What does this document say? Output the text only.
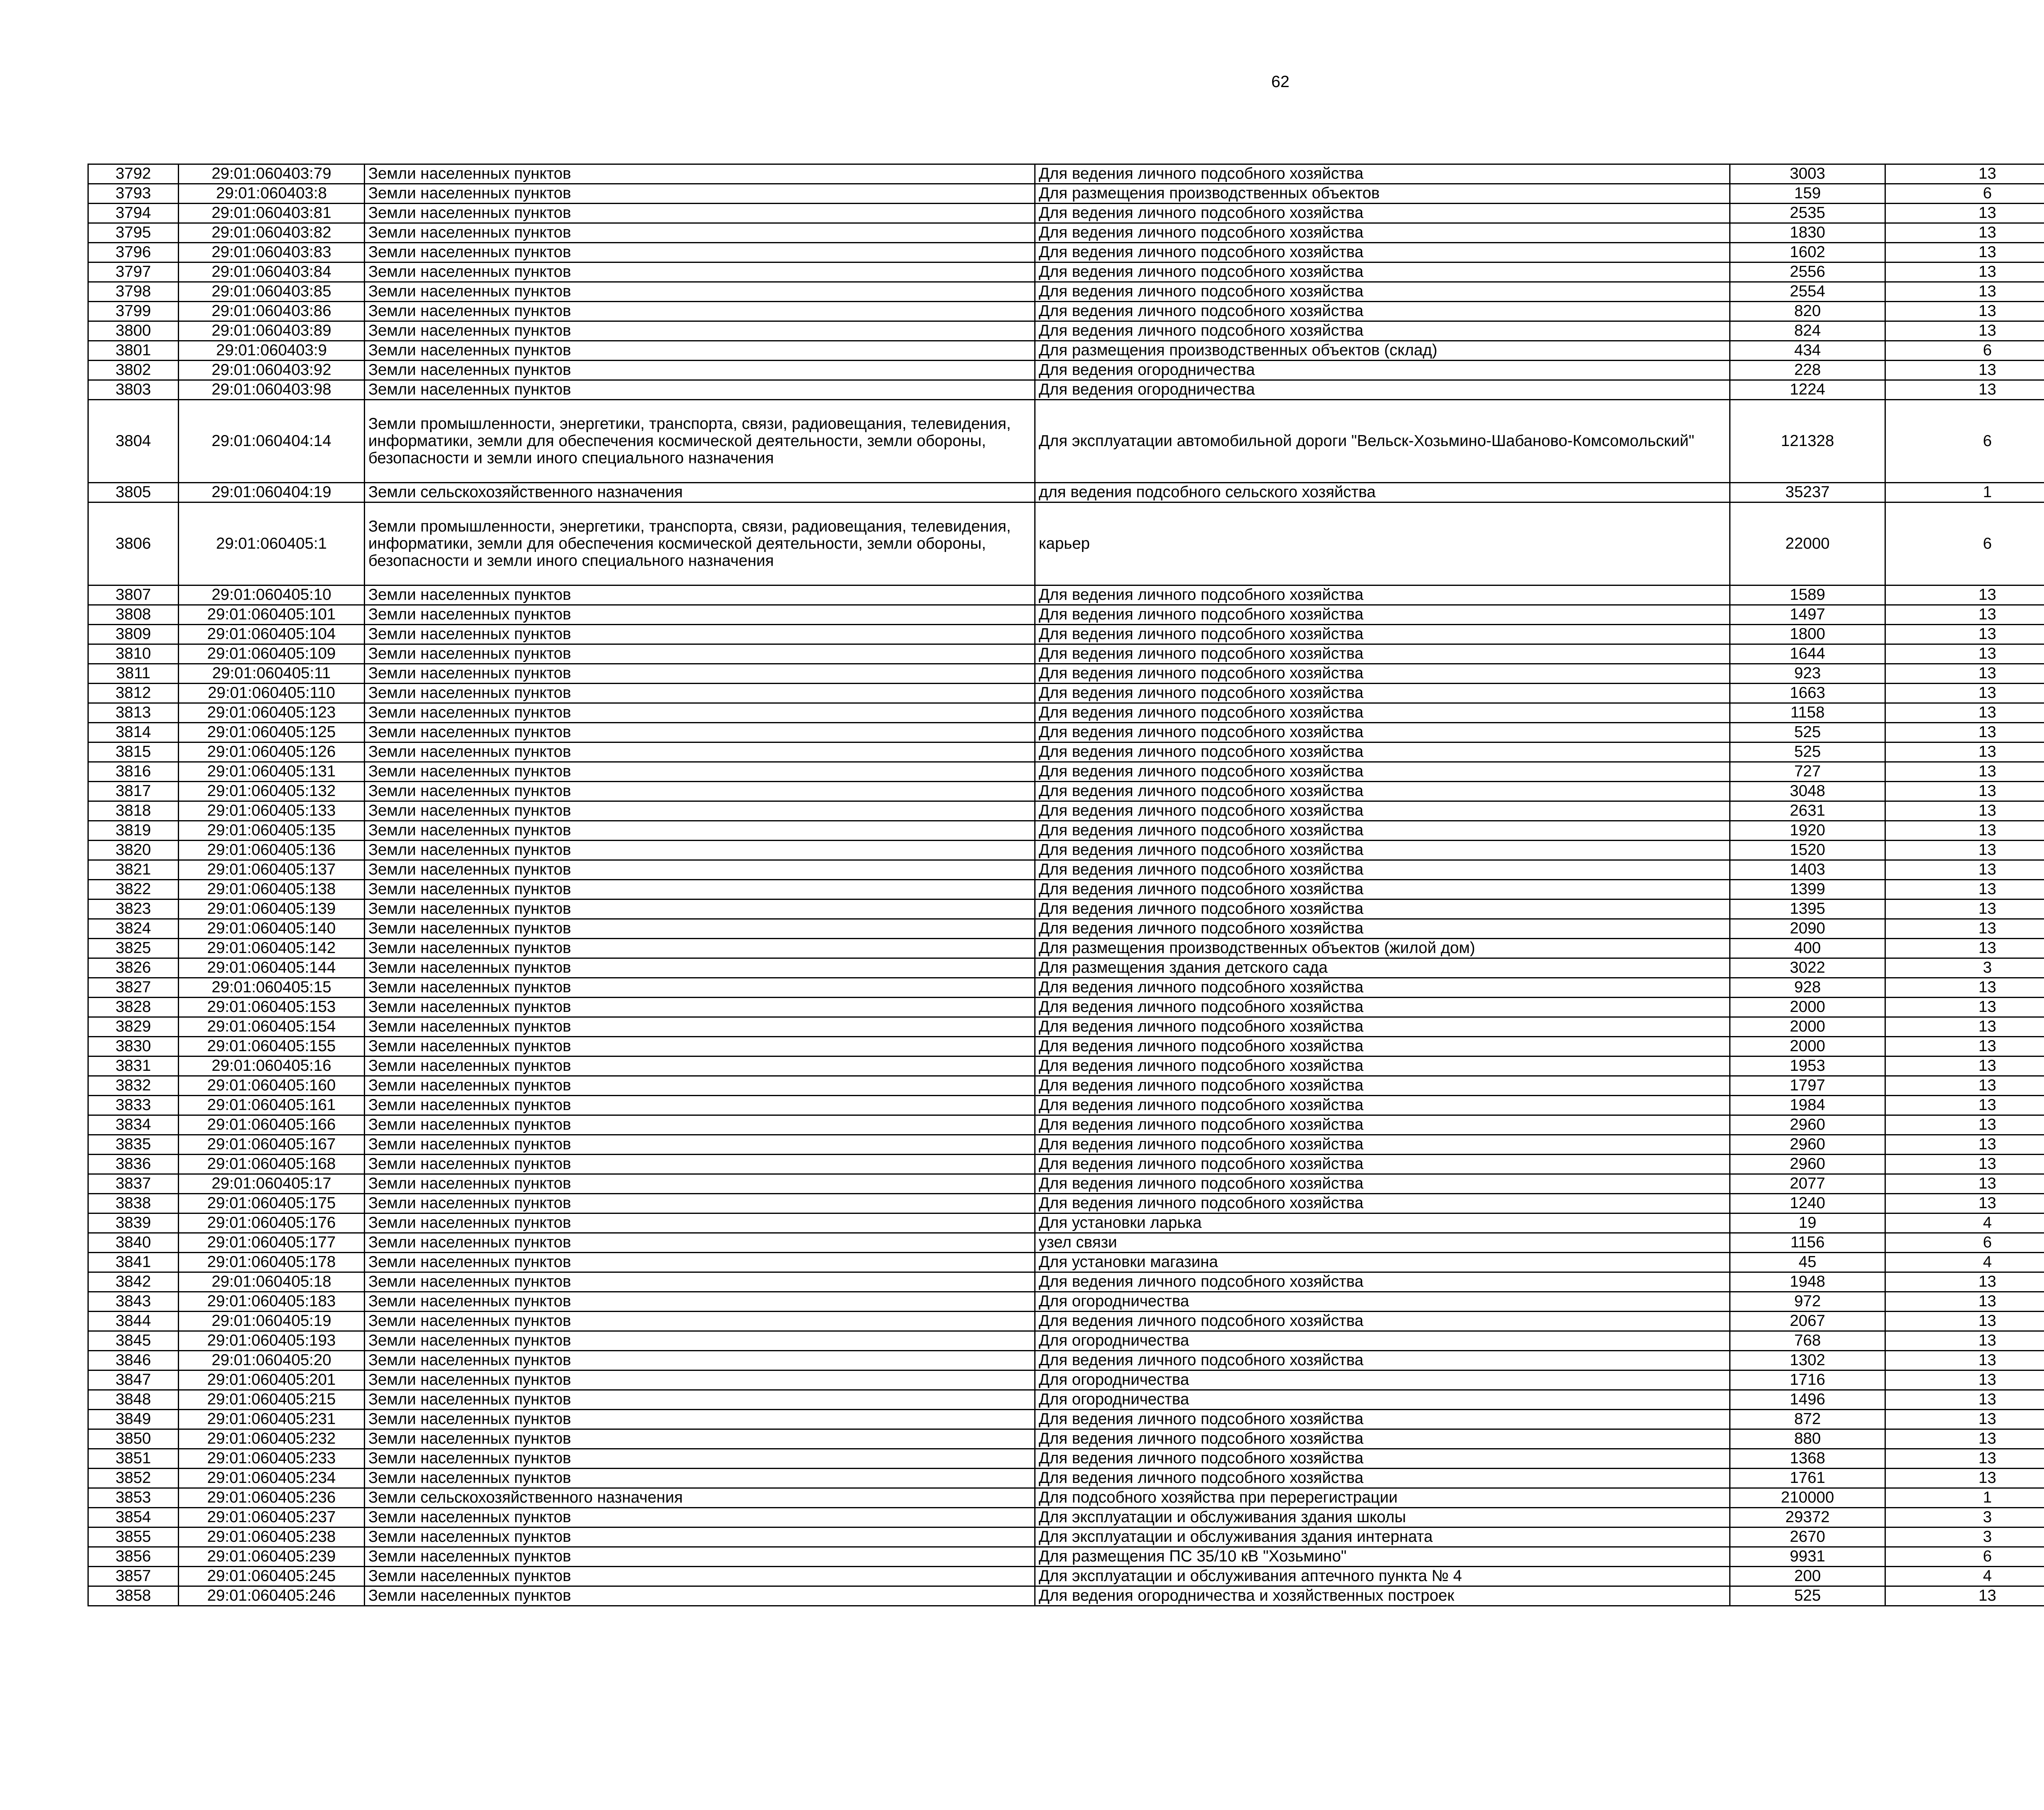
62
3792	29:01:060403:79	Земли населенных пунктов	Для ведения личного подсобного хозяйства	3003	13		
3793	29:01:060403:8	Земли населенных пунктов	Для размещения производственных объектов	159	6		
3794	29:01:060403:81	Земли населенных пунктов	Для ведения личного подсобного хозяйства	2535	13		
3795	29:01:060403:82	Земли населенных пунктов	Для ведения личного подсобного хозяйства	1830	13		
3796	29:01:060403:83	Земли населенных пунктов	Для ведения личного подсобного хозяйства	1602	13		
3797	29:01:060403:84	Земли населенных пунктов	Для ведения личного подсобного хозяйства	2556	13		
3798	29:01:060403:85	Земли населенных пунктов	Для ведения личного подсобного хозяйства	2554	13		
3799	29:01:060403:86	Земли населенных пунктов	Для ведения личного подсобного хозяйства	820	13		
3800	29:01:060403:89	Земли населенных пунктов	Для ведения личного подсобного хозяйства	824	13		
3801	29:01:060403:9	Земли населенных пунктов	Для размещения производственных объектов (склад)	434	6		
3802	29:01:060403:92	Земли населенных пунктов	Для ведения огородничества	228	13		
3803	29:01:060403:98	Земли населенных пунктов	Для ведения огородничества	1224	13		
3804	29:01:060404:14	Земли промышленности, энергетики, транспорта, связи, радиовещания, телевидения, информатики, земли для обеспечения космической деятельности, земли обороны, безопасности и земли иного специального назначения	Для эксплуатации автомобильной дороги "Вельск-Хозьмино-Шабаново-Комсомольский"	121328	6		
3805	29:01:060404:19	Земли сельскохозяйственного назначения	для ведения подсобного сельского хозяйства	35237	1		
3806	29:01:060405:1	Земли промышленности, энергетики, транспорта, связи, радиовещания, телевидения, информатики, земли для обеспечения космической деятельности, земли обороны, безопасности и земли иного специального назначения	карьер	22000	6		
3807	29:01:060405:10	Земли населенных пунктов	Для ведения личного подсобного хозяйства	1589	13		
3808	29:01:060405:101	Земли населенных пунктов	Для ведения личного подсобного хозяйства	1497	13		
3809	29:01:060405:104	Земли населенных пунктов	Для ведения личного подсобного хозяйства	1800	13		
3810	29:01:060405:109	Земли населенных пунктов	Для ведения личного подсобного хозяйства	1644	13		
3811	29:01:060405:11	Земли населенных пунктов	Для ведения личного подсобного хозяйства	923	13		
3812	29:01:060405:110	Земли населенных пунктов	Для ведения личного подсобного хозяйства	1663	13		
3813	29:01:060405:123	Земли населенных пунктов	Для ведения личного подсобного хозяйства	1158	13		
3814	29:01:060405:125	Земли населенных пунктов	Для ведения личного подсобного хозяйства	525	13		
3815	29:01:060405:126	Земли населенных пунктов	Для ведения личного подсобного хозяйства	525	13		
3816	29:01:060405:131	Земли населенных пунктов	Для ведения личного подсобного хозяйства	727	13		
3817	29:01:060405:132	Земли населенных пунктов	Для ведения личного подсобного хозяйства	3048	13		
3818	29:01:060405:133	Земли населенных пунктов	Для ведения личного подсобного хозяйства	2631	13		
3819	29:01:060405:135	Земли населенных пунктов	Для ведения личного подсобного хозяйства	1920	13		
3820	29:01:060405:136	Земли населенных пунктов	Для ведения личного подсобного хозяйства	1520	13		
3821	29:01:060405:137	Земли населенных пунктов	Для ведения личного подсобного хозяйства	1403	13		
3822	29:01:060405:138	Земли населенных пунктов	Для ведения личного подсобного хозяйства	1399	13		
3823	29:01:060405:139	Земли населенных пунктов	Для ведения личного подсобного хозяйства	1395	13		
3824	29:01:060405:140	Земли населенных пунктов	Для ведения личного подсобного хозяйства	2090	13		
3825	29:01:060405:142	Земли населенных пунктов	Для размещения производственных объектов (жилой дом)	400	13		
3826	29:01:060405:144	Земли населенных пунктов	Для размещения здания детского сада	3022	3		
3827	29:01:060405:15	Земли населенных пунктов	Для ведения личного подсобного хозяйства	928	13		
3828	29:01:060405:153	Земли населенных пунктов	Для ведения личного подсобного хозяйства	2000	13		
3829	29:01:060405:154	Земли населенных пунктов	Для ведения личного подсобного хозяйства	2000	13		
3830	29:01:060405:155	Земли населенных пунктов	Для ведения личного подсобного хозяйства	2000	13		
3831	29:01:060405:16	Земли населенных пунктов	Для ведения личного подсобного хозяйства	1953	13		
3832	29:01:060405:160	Земли населенных пунктов	Для ведения личного подсобного хозяйства	1797	13		
3833	29:01:060405:161	Земли населенных пунктов	Для ведения личного подсобного хозяйства	1984	13		
3834	29:01:060405:166	Земли населенных пунктов	Для ведения личного подсобного хозяйства	2960	13		
3835	29:01:060405:167	Земли населенных пунктов	Для ведения личного подсобного хозяйства	2960	13		
3836	29:01:060405:168	Земли населенных пунктов	Для ведения личного подсобного хозяйства	2960	13		
3837	29:01:060405:17	Земли населенных пунктов	Для ведения личного подсобного хозяйства	2077	13		
3838	29:01:060405:175	Земли населенных пунктов	Для ведения личного подсобного хозяйства	1240	13		
3839	29:01:060405:176	Земли населенных пунктов	Для установки ларька	19	4		
3840	29:01:060405:177	Земли населенных пунктов	узел связи	1156	6		
3841	29:01:060405:178	Земли населенных пунктов	Для установки магазина	45	4		
3842	29:01:060405:18	Земли населенных пунктов	Для ведения личного подсобного хозяйства	1948	13		
3843	29:01:060405:183	Земли населенных пунктов	Для огородничества	972	13		
3844	29:01:060405:19	Земли населенных пунктов	Для ведения личного подсобного хозяйства	2067	13		
3845	29:01:060405:193	Земли населенных пунктов	Для огородничества	768	13		
3846	29:01:060405:20	Земли населенных пунктов	Для ведения личного подсобного хозяйства	1302	13		
3847	29:01:060405:201	Земли населенных пунктов	Для огородничества	1716	13		
3848	29:01:060405:215	Земли населенных пунктов	Для огородничества	1496	13		
3849	29:01:060405:231	Земли населенных пунктов	Для ведения личного подсобного хозяйства	872	13		
3850	29:01:060405:232	Земли населенных пунктов	Для ведения личного подсобного хозяйства	880	13		
3851	29:01:060405:233	Земли населенных пунктов	Для ведения личного подсобного хозяйства	1368	13		
3852	29:01:060405:234	Земли населенных пунктов	Для ведения личного подсобного хозяйства	1761	13		
3853	29:01:060405:236	Земли сельскохозяйственного назначения	Для подсобного хозяйства при перерегистрации	210000	1		
3854	29:01:060405:237	Земли населенных пунктов	Для эксплуатации и обслуживания здания школы	29372	3		
3855	29:01:060405:238	Земли населенных пунктов	Для эксплуатации и обслуживания здания интерната	2670	3		
3856	29:01:060405:239	Земли населенных пунктов	Для размещения ПС 35/10 кВ "Хозьмино"	9931	6		
3857	29:01:060405:245	Земли населенных пунктов	Для эксплуатации и обслуживания аптечного пункта № 4	200	4		
3858	29:01:060405:246	Земли населенных пунктов	Для ведения огородничества и хозяйственных построек	525	13		
